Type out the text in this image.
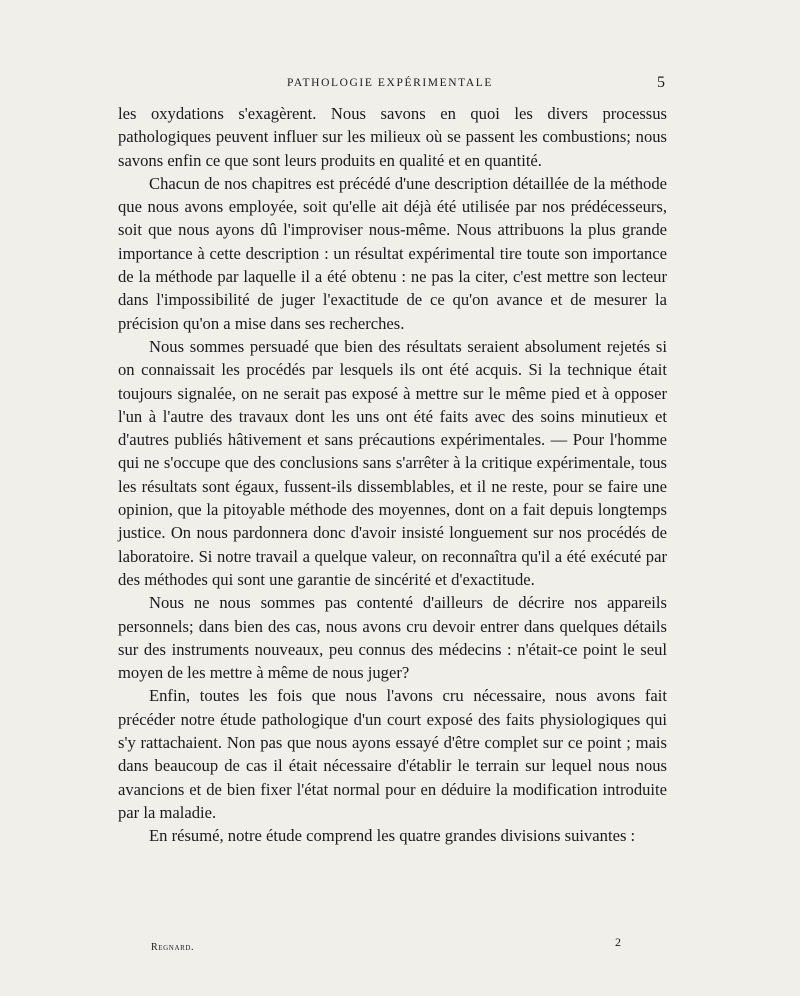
PATHOLOGIE EXPÉRIMENTALE	5

les oxydations s'exagèrent. Nous savons en quoi les divers processus pathologiques peuvent influer sur les milieux où se passent les combustions; nous savons enfin ce que sont leurs produits en qualité et en quantité.

Chacun de nos chapitres est précédé d'une description détaillée de la méthode que nous avons employée, soit qu'elle ait déjà été utilisée par nos prédécesseurs, soit que nous ayons dû l'improviser nous-même. Nous attribuons la plus grande importance à cette description : un résultat expérimental tire toute son importance de la méthode par laquelle il a été obtenu : ne pas la citer, c'est mettre son lecteur dans l'impossibilité de juger l'exactitude de ce qu'on avance et de mesurer la précision qu'on a mise dans ses recherches.

Nous sommes persuadé que bien des résultats seraient absolument rejetés si on connaissait les procédés par lesquels ils ont été acquis. Si la technique était toujours signalée, on ne serait pas exposé à mettre sur le même pied et à opposer l'un à l'autre des travaux dont les uns ont été faits avec des soins minutieux et d'autres publiés hâtivement et sans précautions expérimentales. — Pour l'homme qui ne s'occupe que des conclusions sans s'arrêter à la critique expérimentale, tous les résultats sont égaux, fussent-ils dissemblables, et il ne reste, pour se faire une opinion, que la pitoyable méthode des moyennes, dont on a fait depuis longtemps justice. On nous pardonnera donc d'avoir insisté longuement sur nos procédés de laboratoire. Si notre travail a quelque valeur, on reconnaîtra qu'il a été exécuté par des méthodes qui sont une garantie de sincérité et d'exactitude.

Nous ne nous sommes pas contenté d'ailleurs de décrire nos appareils personnels; dans bien des cas, nous avons cru devoir entrer dans quelques détails sur des instruments nouveaux, peu connus des médecins : n'était-ce point le seul moyen de les mettre à même de nous juger?

Enfin, toutes les fois que nous l'avons cru nécessaire, nous avons fait précéder notre étude pathologique d'un court exposé des faits physiologiques qui s'y rattachaient. Non pas que nous ayons essayé d'être complet sur ce point ; mais dans beaucoup de cas il était nécessaire d'établir le terrain sur lequel nous nous avancions et de bien fixer l'état normal pour en déduire la modification introduite par la maladie.

En résumé, notre étude comprend les quatre grandes divisions suivantes :

Regnard.	2
